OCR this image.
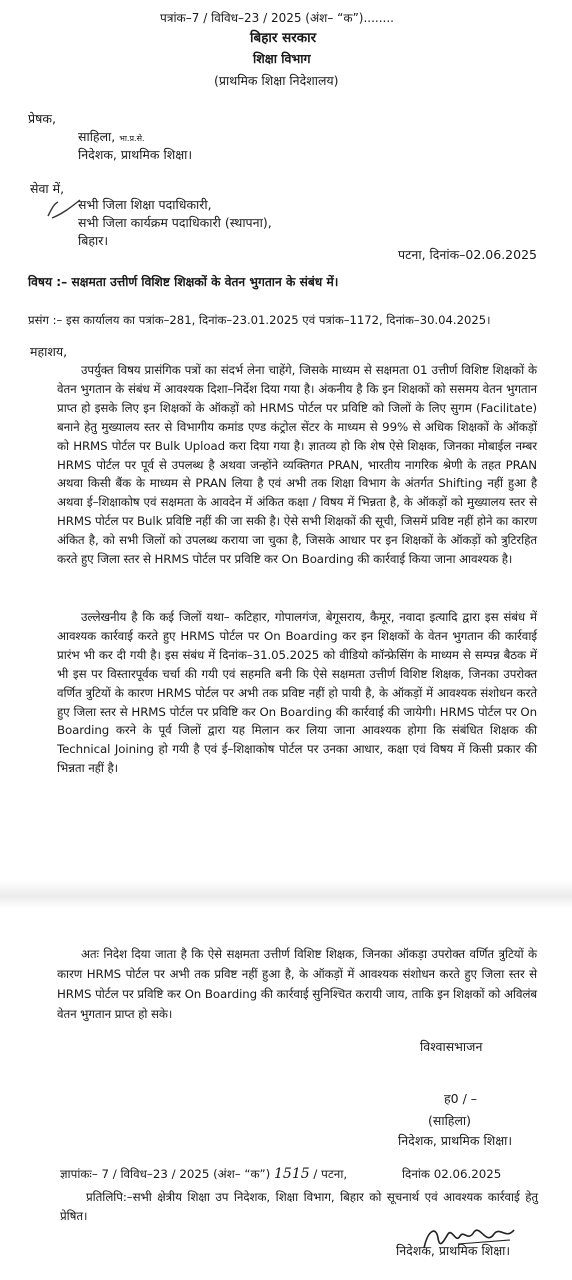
पत्रांक–7 / विविध–23 / 2025 (अंश– “क”)........

बिहार सरकार

शिक्षा विभाग

(प्राथमिक शिक्षा निदेशालय)

प्रेषक,

साहिला, भा.प्र.से.

निदेशक, प्राथमिक शिक्षा।

सेवा में,

सभी जिला शिक्षा पदाधिकारी,

सभी जिला कार्यक्रम पदाधिकारी (स्थापना),

बिहार।

पटना, दिनांक–02.06.2025

विषय :– सक्षमता उत्तीर्ण विशिष्ट शिक्षकों के वेतन भुगतान के संबंध में।

प्रसंग :– इस कार्यालय का पत्रांक–281, दिनांक–23.01.2025 एवं पत्रांक–1172, दिनांक–30.04.2025।

महाशय,

उपर्युक्त विषय प्रासंगिक पत्रों का संदर्भ लेना चाहेंगे, जिसके माध्यम से सक्षमता 01 उत्तीर्ण विशिष्ट शिक्षकों के वेतन भुगतान के संबंध में आवश्यक दिशा–निर्देश दिया गया है। अंकनीय है कि इन शिक्षकों को ससमय वेतन भुगतान प्राप्त हो इसके लिए इन शिक्षकों के ऑकड़ों को HRMS पोर्टल पर प्रविष्टि को जिलों के लिए सुगम (Facilitate) बनाने हेतु मुख्यालय स्तर से विभागीय कमांड एण्ड कंट्रोल सेंटर के माध्यम से 99% से अधिक शिक्षकों के ऑकड़ों को HRMS पोर्टल पर Bulk Upload करा दिया गया है। ज्ञातव्य हो कि शेष ऐसे शिक्षक, जिनका मोबाईल नम्बर HRMS पोर्टल पर पूर्व से उपलब्ध है अथवा जन्होंने व्यक्तिगत PRAN, भारतीय नागरिक श्रेणी के तहत PRAN अथवा किसी बैंक के माध्यम से PRAN लिया है एवं अभी तक शिक्षा विभाग के अंतर्गत Shifting नहीं हुआ है अथवा ई–शिक्षाकोष एवं सक्षमता के आवदेन में अंकित कक्षा / विषय में भिन्नता है, के ऑकड़ों को मुख्यालय स्तर से HRMS पोर्टल पर Bulk प्रविष्टि नहीं की जा सकी है। ऐसे सभी शिक्षकों की सूची, जिसमें प्रविष्ट नहीं होने का कारण अंकित है, को सभी जिलों को उपलब्ध कराया जा चुका है, जिसके आधार पर इन शिक्षकों के ऑकड़ों को त्रुटिरहित करते हुए जिला स्तर से HRMS पोर्टल पर प्रविष्टि कर On Boarding की कार्रवाई किया जाना आवश्यक है।

उल्लेखनीय है कि कई जिलों यथा– कटिहार, गोपालगंज, बेगूसराय, कैमूर, नवादा इत्यादि द्वारा इस संबंध में आवश्यक कार्रवाई करते हुए HRMS पोर्टल पर On Boarding कर इन शिक्षकों के वेतन भुगतान की कार्रवाई प्रारंभ भी कर दी गयी है। इस संबंध में दिनांक–31.05.2025 को वीडियो कॉन्फ्रेसिंग के माध्यम से सम्पन्न बैठक में भी इस पर विस्तारपूर्वक चर्चा की गयी एवं सहमति बनी कि ऐसे सक्षमता उत्तीर्ण विशिष्ट शिक्षक, जिनका उपरोक्त वर्णित त्रुटियों के कारण HRMS पोर्टल पर अभी तक प्रविष्ट नहीं हो पायी है, के ऑकड़ों में आवश्यक संशोधन करते हुए जिला स्तर से HRMS पोर्टल पर प्रविष्टि कर On Boarding की कार्रवाई की जायेगी। HRMS पोर्टल पर On Boarding करने के पूर्व जिलों द्वारा यह मिलान कर लिया जाना आवश्यक होगा कि संबंधित शिक्षक की Technical Joining हो गयी है एवं ई–शिक्षाकोष पोर्टल पर उनका आधार, कक्षा एवं विषय में किसी प्रकार की भिन्नता नहीं है।

अतः निदेश दिया जाता है कि ऐसे सक्षमता उत्तीर्ण विशिष्ट शिक्षक, जिनका ऑकड़ा उपरोक्त वर्णित त्रुटियों के कारण HRMS पोर्टल पर अभी तक प्रविष्ट नहीं हुआ है, के ऑकड़ों में आवश्यक संशोधन करते हुए जिला स्तर से HRMS पोर्टल पर प्रविष्टि कर On Boarding की कार्रवाई सुनिश्चित करायी जाय, ताकि इन शिक्षकों को अविलंब वेतन भुगतान प्राप्त हो सके।

विश्वासभाजन

ह0 / –

(साहिला)

निदेशक, प्राथमिक शिक्षा।

ज्ञापांकः– 7 / विविध–23 / 2025 (अंश– “क”) 1515 / पटना,	दिनांक 02.06.2025

प्रतिलिपि:–सभी क्षेत्रीय शिक्षा उप निदेशक, शिक्षा विभाग, बिहार को सूचनार्थ एवं आवश्यक कार्रवाई हेतु प्रेषित।

निदेशक, प्राथमिक शिक्षा।
